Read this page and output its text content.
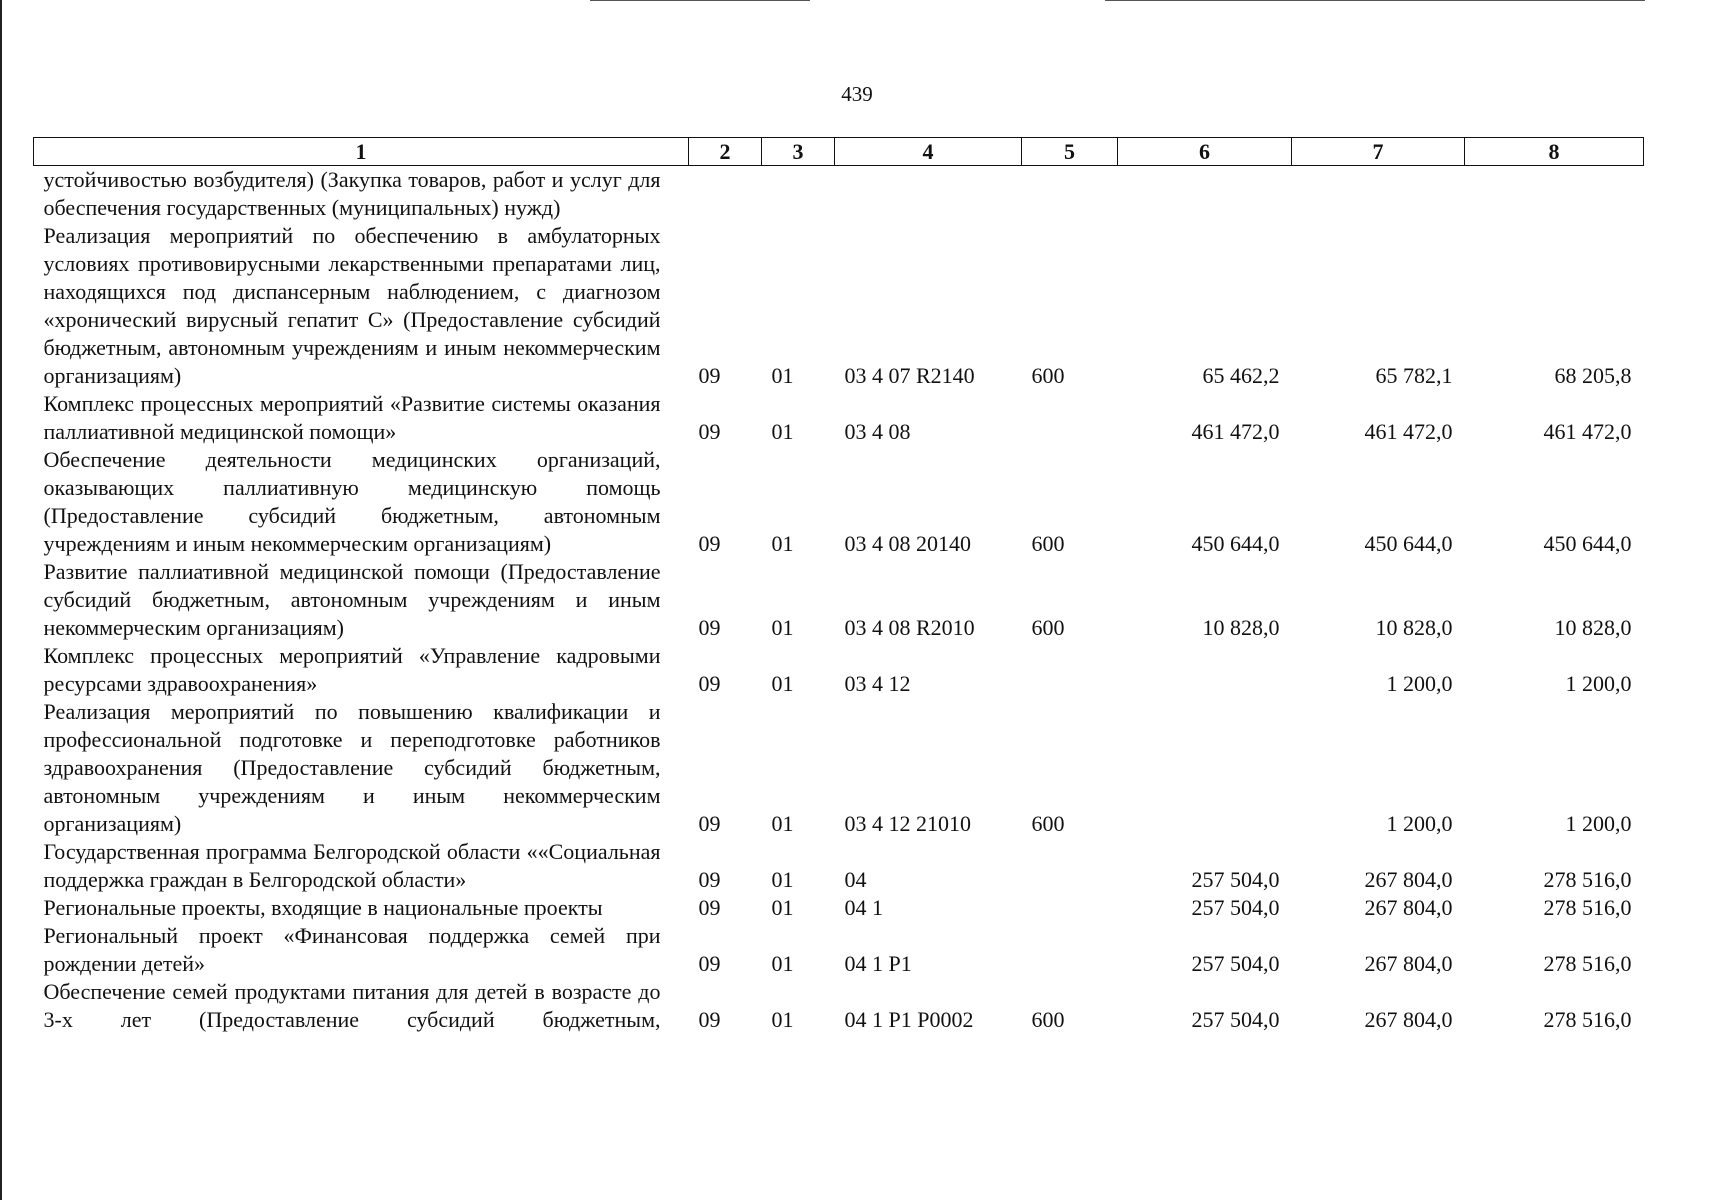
439
1	2	3	4	5	6	7	8
устойчивостью возбудителя) (Закупка товаров, работ и услуг для обеспечения государственных (муниципальных) нужд)							
Реализация мероприятий по обеспечению в амбулаторных условиях противовирусными лекарственными препаратами лиц, находящихся под диспансерным наблюдением, с диагнозом «хронический вирусный гепатит С» (Предоставление субсидий бюджетным, автономным учреждениям и иным некоммерческим организациям)	09	01	03 4 07 R2140	600	65 462,2	65 782,1	68 205,8
Комплекс процессных мероприятий «Развитие системы оказания паллиативной медицинской помощи»	09	01	03 4 08		461 472,0	461 472,0	461 472,0
Обеспечение деятельности медицинских организаций, оказывающих паллиативную медицинскую помощь (Предоставление субсидий бюджетным, автономным учреждениям и иным некоммерческим организациям)	09	01	03 4 08 20140	600	450 644,0	450 644,0	450 644,0
Развитие паллиативной медицинской помощи (Предоставление субсидий бюджетным, автономным учреждениям и иным некоммерческим организациям)	09	01	03 4 08 R2010	600	10 828,0	10 828,0	10 828,0
Комплекс процессных мероприятий «Управление кадровыми ресурсами здравоохранения»	09	01	03 4 12			1 200,0	1 200,0
Реализация мероприятий по повышению квалификации и профессиональной подготовке и переподготовке работников здравоохранения (Предоставление субсидий бюджетным, автономным учреждениям и иным некоммерческим организациям)	09	01	03 4 12 21010	600		1 200,0	1 200,0
Государственная программа Белгородской области ««Социальная поддержка граждан в Белгородской области»	09	01	04		257 504,0	267 804,0	278 516,0
Региональные проекты, входящие в национальные проекты	09	01	04 1		257 504,0	267 804,0	278 516,0
Региональный проект «Финансовая поддержка семей при рождении детей»	09	01	04 1 P1		257 504,0	267 804,0	278 516,0
Обеспечение семей продуктами питания для детей в возрасте до 3-х лет (Предоставление субсидий бюджетным,	09	01	04 1 P1 P0002	600	257 504,0	267 804,0	278 516,0
